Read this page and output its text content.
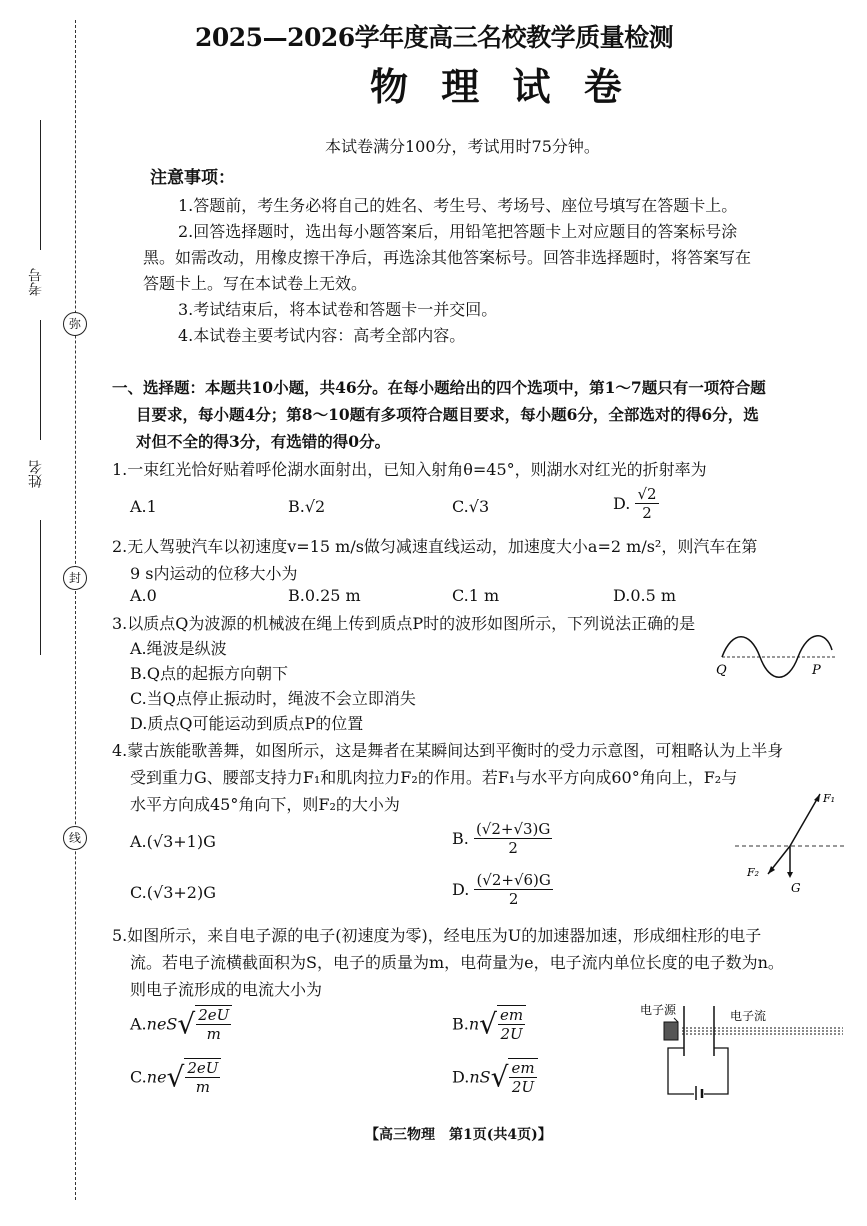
弥
封
线
考号
姓名
2025—2026学年度高三名校教学质量检测
物 理 试 卷
本试卷满分100分，考试用时75分钟。
注意事项：
1.答题前，考生务必将自己的姓名、考生号、考场号、座位号填写在答题卡上。
2.回答选择题时，选出每小题答案后，用铅笔把答题卡上对应题目的答案标号涂
黑。如需改动，用橡皮擦干净后，再选涂其他答案标号。回答非选择题时，将答案写在
答题卡上。写在本试卷上无效。
3.考试结束后，将本试卷和答题卡一并交回。
4.本试卷主要考试内容：高考全部内容。
一、选择题：本题共10小题，共46分。在每小题给出的四个选项中，第1～7题只有一项符合题
目要求，每小题4分；第8～10题有多项符合题目要求，每小题6分，全部选对的得6分，选
对但不全的得3分，有选错的得0分。
1.一束红光恰好贴着呼伦湖水面射出，已知入射角θ=45°，则湖水对红光的折射率为
A.1	B.√2	C.√3	D. $\frac{√2}{2}$
2.无人驾驶汽车以初速度v=15 m/s做匀减速直线运动，加速度大小a=2 m/s²，则汽车在第
9 s内运动的位移大小为
A.0	B.0.25 m	C.1 m	D.0.5 m
3.以质点Q为波源的机械波在绳上传到质点P时的波形如图所示，下列说法正确的是
A.绳波是纵波
B.Q点的起振方向朝下
C.当Q点停止振动时，绳波不会立即消失
D.质点Q可能运动到质点P的位置
Q	P
4.蒙古族能歌善舞，如图所示，这是舞者在某瞬间达到平衡时的受力示意图，可粗略认为上半身
受到重力G、腰部支持力F₁和肌肉拉力F₂的作用。若F₁与水平方向成60°角向上，F₂与
水平方向成45°角向下，则F₂的大小为
A.(√3+1)G	B. $\frac{(√2+√3)G}{2}$
C.(√3+2)G	D. $\frac{(√2+√6)G}{2}$
F₁
F₂
G
5.如图所示，来自电子源的电子(初速度为零)，经电压为U的加速器加速，形成细柱形的电子
流。若电子流横截面积为S，电子的质量为m，电荷量为e，电子流内单位长度的电子数为n。
则电子流形成的电流大小为
$A.neS√ \frac{2eU}{m}$	$B.n√ \frac{em}{2U}$
$C.ne√ \frac{2eU}{m}$	$D.nS√ \frac{em}{2U}$
电子源	电子流
【高三物理　第1页(共4页)】
